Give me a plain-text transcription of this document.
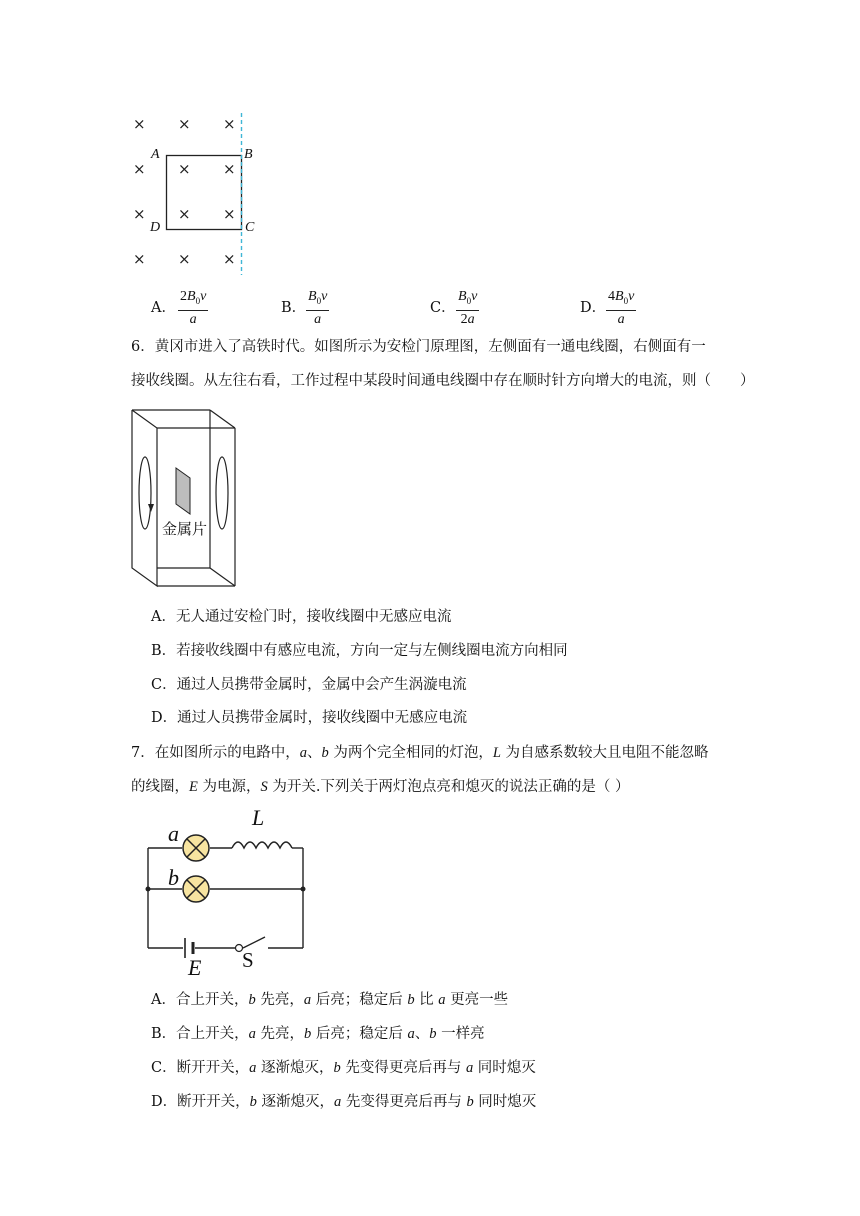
× × ×
× × ×
× × ×
× × ×
A	B
C
D
A． $\frac{2B_0v}{a}$	B． $\frac{B_0v}{a}$	C． $\frac{B_0v}{2a}$	D． $\frac{4B_0v}{a}$
6．黄冈市进入了高铁时代。如图所示为安检门原理图，左侧面有一通电线圈，右侧面有一
接收线圈。从左往右看，工作过程中某段时间通电线圈中存在顺时针方向增大的电流，则（　　）
金属片
A．无人通过安检门时，接收线圈中无感应电流
B．若接收线圈中有感应电流，方向一定与左侧线圈电流方向相同
C．通过人员携带金属时，金属中会产生涡漩电流
D．通过人员携带金属时，接收线圈中无感应电流
7．在如图所示的电路中，a、b 为两个完全相同的灯泡，L 为自感系数较大且电阻不能忽略
的线圈，E 为电源，S 为开关.下列关于两灯泡点亮和熄灭的说法正确的是（ ）
a
b
L
E S
A．合上开关，b 先亮，a 后亮；稳定后 b 比 a 更亮一些
B．合上开关，a 先亮，b 后亮；稳定后 a、b 一样亮
C．断开开关，a 逐渐熄灭，b 先变得更亮后再与 a 同时熄灭
D．断开开关，b 逐渐熄灭，a 先变得更亮后再与 b 同时熄灭
